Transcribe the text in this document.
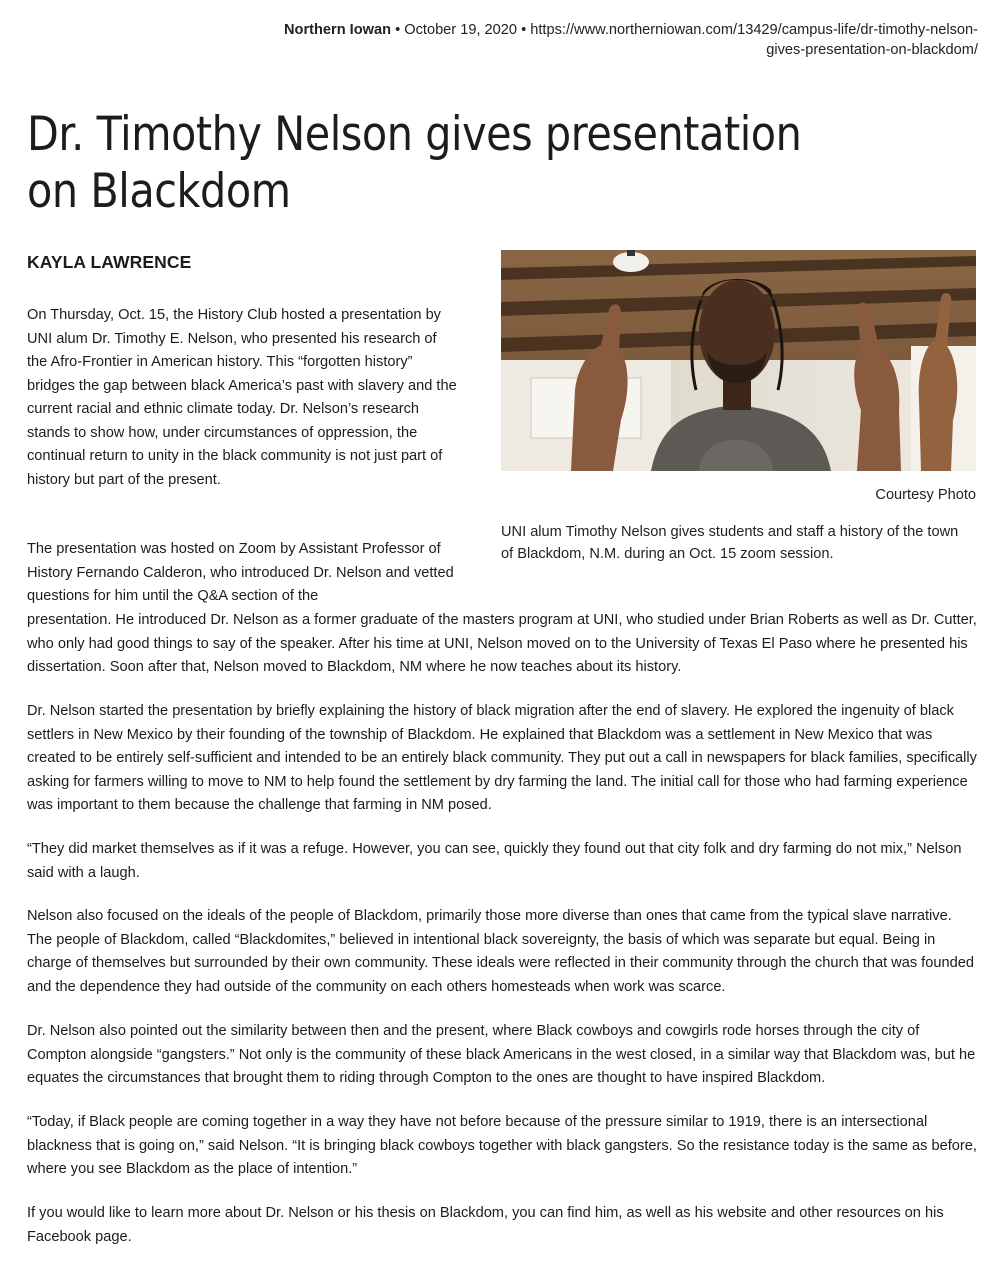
Northern Iowan • October 19, 2020 • https://www.northerniowan.com/13429/campus-life/dr-timothy-nelson-
gives-presentation-on-blackdom/
Dr. Timothy Nelson gives presentation on Blackdom
KAYLA LAWRENCE
Courtesy Photo
UNI alum Timothy Nelson gives students and staff a history of the town of Blackdom, N.M. during an Oct. 15 zoom session.

On Thursday, Oct. 15, the History Club hosted a presentation by UNI alum Dr. Timothy E. Nelson, who presented his research of the Afro-Frontier in American history. This “forgotten history” bridges the gap between black America’s past with slavery and the current racial and ethnic climate today. Dr. Nelson’s research stands to show how, under circumstances of oppression, the continual return to unity in the black community is not just part of history but part of the present.

The presentation was hosted on Zoom by Assistant Professor of History Fernando Calderon, who introduced Dr. Nelson and vetted questions for him until the Q&A section of the

presentation. He introduced Dr. Nelson as a former graduate of the masters program at UNI, who studied under Brian Roberts as well as Dr. Cutter, who only had good things to say of the speaker. After his time at UNI, Nelson moved on to the University of Texas El Paso where he presented his dissertation. Soon after that, Nelson moved to Blackdom, NM where he now teaches about its history.

Dr. Nelson started the presentation by briefly explaining the history of black migration after the end of slavery. He explored the ingenuity of black settlers in New Mexico by their founding of the township of Blackdom. He explained that Blackdom was a settlement in New Mexico that was created to be entirely self-sufficient and intended to be an entirely black community. They put out a call in newspapers for black families, specifically asking for farmers willing to move to NM to help found the settlement by dry farming the land. The initial call for those who had farming experience was important to them because the challenge that farming in NM posed.

“They did market themselves as if it was a refuge. However, you can see, quickly they found out that city folk and dry farming do not mix,” Nelson said with a laugh.

Nelson also focused on the ideals of the people of Blackdom, primarily those more diverse than ones that came from the typical slave narrative. The people of Blackdom, called “Blackdomites,” believed in intentional black sovereignty, the basis of which was separate but equal. Being in charge of themselves but surrounded by their own community. These ideals were reflected in their community through the church that was founded and the dependence they had outside of the community on each others homesteads when work was scarce.

Dr. Nelson also pointed out the similarity between then and the present, where Black cowboys and cowgirls rode horses through the city of Compton alongside “gangsters.” Not only is the community of these black Americans in the west closed, in a similar way that Blackdom was, but he equates the circumstances that brought them to riding through Compton to the ones are thought to have inspired Blackdom.

“Today, if Black people are coming together in a way they have not before because of the pressure similar to 1919, there is an intersectional blackness that is going on,” said Nelson. “It is bringing black cowboys together with black gangsters. So the resistance today is the same as before, where you see Blackdom as the place of intention.”

If you would like to learn more about Dr. Nelson or his thesis on Blackdom, you can find him, as well as his website and other resources on his Facebook page.
